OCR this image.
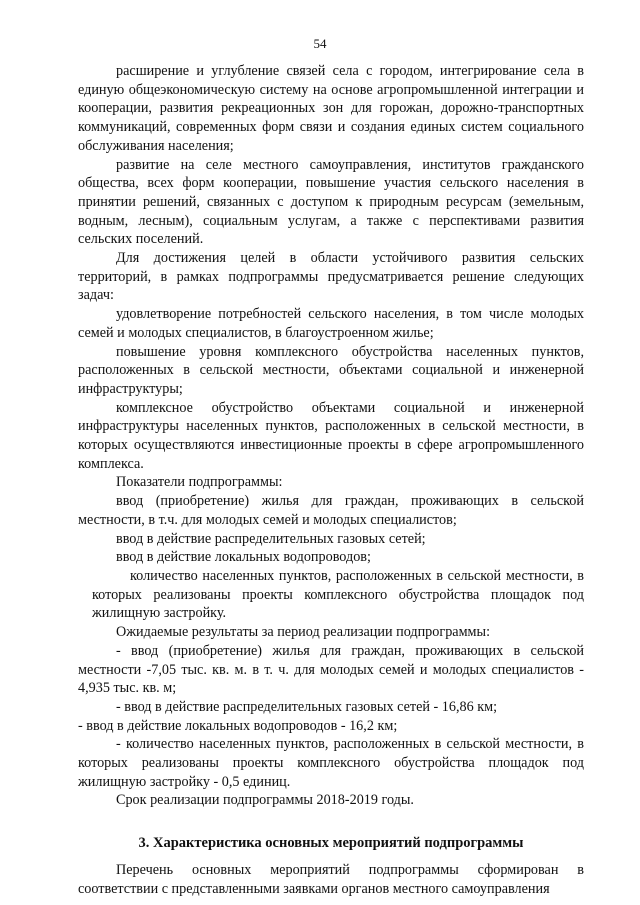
54

расширение и углубление связей села с городом, интегрирование села в единую общеэкономическую систему на основе агропромышленной интеграции и кооперации, развития рекреационных зон для горожан, дорожно-транспортных коммуникаций, современных форм связи и создания единых систем социального обслуживания населения;

развитие на селе местного самоуправления, институтов гражданского общества, всех форм кооперации, повышение участия сельского населения в принятии решений, связанных с доступом к природным ресурсам (земельным, водным, лесным), социальным услугам, а также с перспективами развития сельских поселений.

Для достижения целей в области устойчивого развития сельских территорий, в рамках подпрограммы предусматривается решение следующих задач:

удовлетворение потребностей сельского населения, в том числе молодых семей и молодых специалистов, в благоустроенном жилье;

повышение уровня комплексного обустройства населенных пунктов, расположенных в сельской местности, объектами социальной и инженерной инфраструктуры;

комплексное обустройство объектами социальной и инженерной инфраструктуры населенных пунктов, расположенных в сельской местности, в которых осуществляются инвестиционные проекты в сфере агропромышленного комплекса.

Показатели подпрограммы:

ввод (приобретение) жилья для граждан, проживающих в сельской местности, в т.ч. для молодых семей и молодых специалистов;

ввод в действие распределительных газовых сетей;

ввод в действие локальных водопроводов;

количество населенных пунктов, расположенных в сельской местности, в которых реализованы проекты комплексного обустройства площадок под жилищную застройку.

Ожидаемые результаты за период реализации подпрограммы:

- ввод (приобретение) жилья для граждан, проживающих в сельской местности -7,05 тыс. кв. м. в т. ч. для молодых семей и молодых специалистов - 4,935 тыс. кв. м;

- ввод в действие распределительных газовых сетей - 16,86 км;

- ввод в действие локальных водопроводов - 16,2 км;

- количество населенных пунктов, расположенных в сельской местности, в которых реализованы проекты комплексного обустройства площадок под жилищную застройку - 0,5 единиц.

Срок реализации подпрограммы 2018-2019 годы.

3. Характеристика основных мероприятий подпрограммы

Перечень основных мероприятий подпрограммы сформирован в соответствии с представленными заявками органов местного самоуправления
